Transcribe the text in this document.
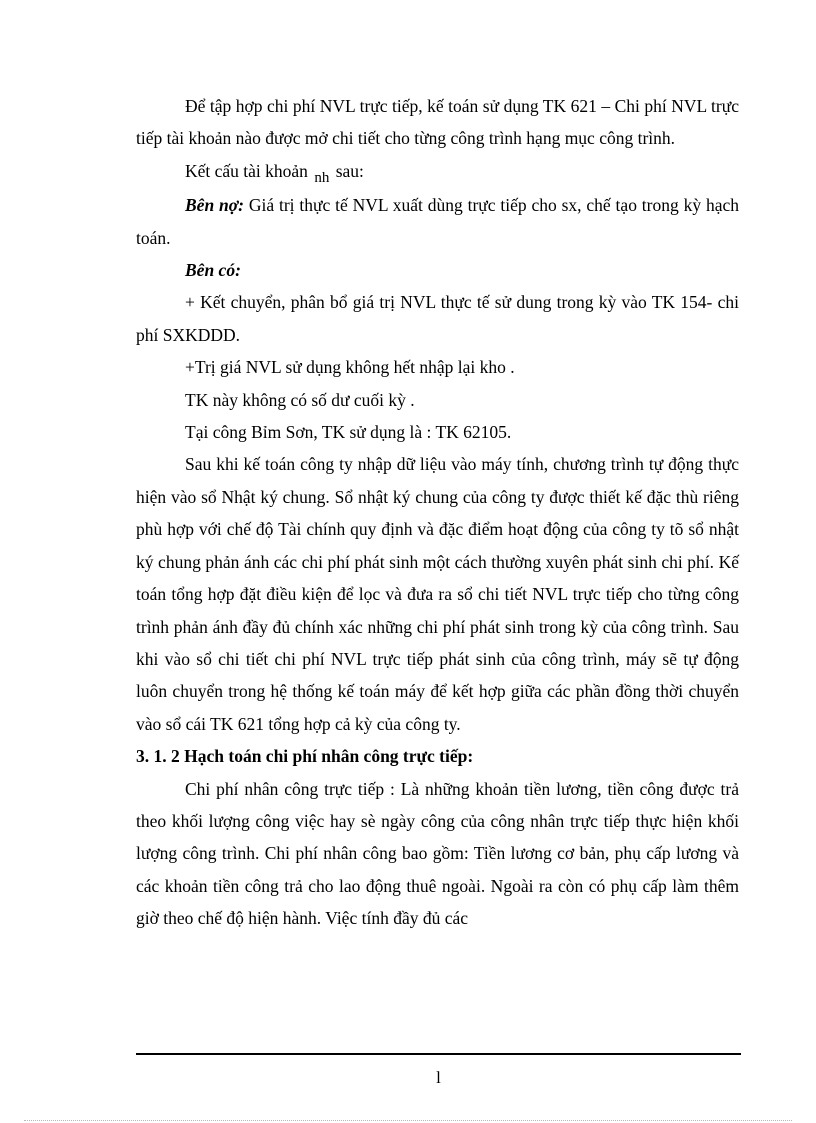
Để tập hợp chi phí NVL trực tiếp, kế toán sử dụng TK 621 – Chi phí NVL trực tiếp tài khoản nào được mở chi tiết cho từng công trình hạng mục công trình.

Kết cấu tài khoản nh sau:

Bên nợ: Giá trị thực tế NVL xuất dùng trực tiếp cho sx, chế tạo trong kỳ hạch toán.

Bên có:

+ Kết chuyển, phân bổ giá trị NVL thực tế sử dung trong kỳ vào TK 154- chi phí SXKDDD.

+Trị giá NVL sử dụng không hết nhập lại kho .

TK này không có số dư cuối kỳ .

Tại công Bỉm Sơn, TK sử dụng là : TK 62105.

Sau khi kế toán công ty nhập dữ liệu vào máy tính, chương trình tự động thực hiện vào sổ Nhật ký chung. Sổ nhật ký chung của công ty được thiết kế đặc thù riêng phù hợp với chế độ Tài chính quy định và đặc điểm hoạt động của công ty tõ sổ nhật ký chung phản ánh các chi phí phát sinh một cách thường xuyên phát sinh chi phí. Kế toán tổng hợp đặt điều kiện để lọc và đưa ra sổ chi tiết NVL trực tiếp cho từng công trình phản ánh đầy đủ chính xác những chi phí phát sinh trong kỳ của công trình. Sau khi vào sổ chi tiết chi phí NVL trực tiếp phát sinh của công trình, máy sẽ tự động luôn chuyển trong hệ thống kế toán máy để kết hợp giữa các phần đồng thời chuyển vào sổ cái TK 621 tổng hợp cả kỳ của công ty.

3. 1. 2 Hạch toán chi phí nhân công trực tiếp:

Chi phí nhân công trực tiếp : Là những khoản tiền lương, tiền công được trả theo khối lượng công việc hay sè ngày công của công nhân trực tiếp thực hiện khối lượng công trình. Chi phí nhân công bao gồm: Tiền lương cơ bản, phụ cấp lương và các khoản tiền công trả cho lao động thuê ngoài. Ngoài ra còn có phụ cấp làm thêm giờ theo chế độ hiện hành. Việc tính đầy đủ các

l
